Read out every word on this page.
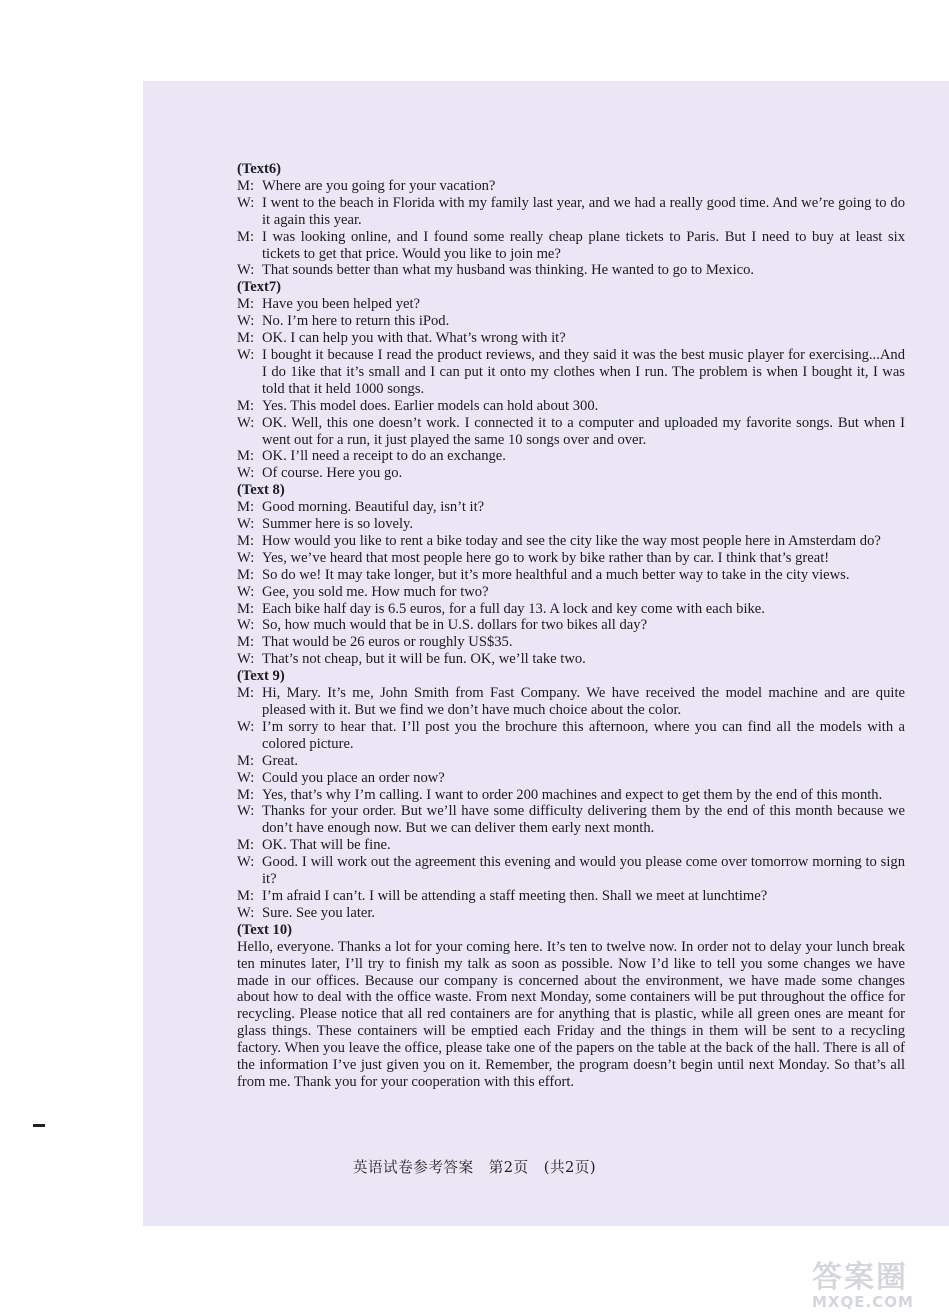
(Text6)
M: Where are you going for your vacation?
W: I went to the beach in Florida with my family last year, and we had a really good time. And we’re going to do it again this year.
M: I was looking online, and I found some really cheap plane tickets to Paris. But I need to buy at least six tickets to get that price. Would you like to join me?
W: That sounds better than what my husband was thinking. He wanted to go to Mexico.
(Text7)
M: Have you been helped yet?
W: No. I’m here to return this iPod.
M: OK. I can help you with that. What’s wrong with it?
W: I bought it because I read the product reviews, and they said it was the best music player for exercising...And I do 1ike that it’s small and I can put it onto my clothes when I run. The problem is when I bought it, I was told that it held 1000 songs.
M: Yes. This model does. Earlier models can hold about 300.
W: OK. Well, this one doesn’t work. I connected it to a computer and uploaded my favorite songs. But when I went out for a run, it just played the same 10 songs over and over.
M: OK. I’ll need a receipt to do an exchange.
W: Of course. Here you go.
(Text 8)
M: Good morning. Beautiful day, isn’t it?
W: Summer here is so lovely.
M: How would you like to rent a bike today and see the city like the way most people here in Amsterdam do?
W: Yes, we’ve heard that most people here go to work by bike rather than by car. I think that’s great!
M: So do we! It may take longer, but it’s more healthful and a much better way to take in the city views.
W: Gee, you sold me. How much for two?
M: Each bike half day is 6.5 euros, for a full day 13. A lock and key come with each bike.
W: So, how much would that be in U.S. dollars for two bikes all day?
M: That would be 26 euros or roughly US$35.
W: That’s not cheap, but it will be fun. OK, we’ll take two.
(Text 9)
M: Hi, Mary. It’s me, John Smith from Fast Company. We have received the model machine and are quite pleased with it. But we find we don’t have much choice about the color.
W: I’m sorry to hear that. I’ll post you the brochure this afternoon, where you can find all the models with a colored picture.
M: Great.
W: Could you place an order now?
M: Yes, that’s why I’m calling. I want to order 200 machines and expect to get them by the end of this month.
W: Thanks for your order. But we’ll have some difficulty delivering them by the end of this month because we don’t have enough now. But we can deliver them early next month.
M: OK. That will be fine.
W: Good. I will work out the agreement this evening and would you please come over tomorrow morning to sign it?
M: I’m afraid I can’t. I will be attending a staff meeting then. Shall we meet at lunchtime?
W: Sure. See you later.
(Text 10)
Hello, everyone. Thanks a lot for your coming here. It’s ten to twelve now. In order not to delay your lunch break ten minutes later, I’ll try to finish my talk as soon as possible. Now I’d like to tell you some changes we have made in our offices. Because our company is concerned about the environment, we have made some changes about how to deal with the office waste. From next Monday, some containers will be put throughout the office for recycling. Please notice that all red containers are for anything that is plastic, while all green ones are meant for glass things. These containers will be emptied each Friday and the things in them will be sent to a recycling factory. When you leave the office, please take one of the papers on the table at the back of the hall. There is all of the information I’ve just given you on it. Remember, the program doesn’t begin until next Monday. So that’s all from me. Thank you for your cooperation with this effort.
英语试卷参考答案　第2页　(共2页)
答案圈
MXQE.COM
